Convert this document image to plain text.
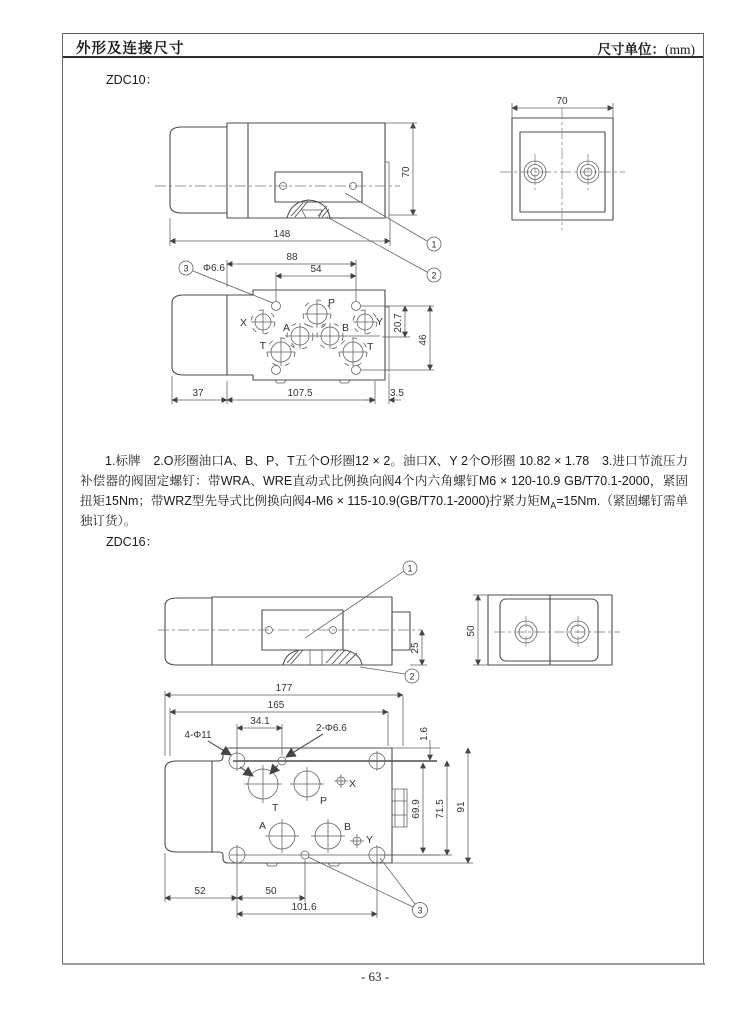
外形及连接尺寸	尺寸单位：(mm)
ZDC10：
ZDC16：
148
70
1
2
70
X
P
Y
A	B
T	T
3 Φ6.6
88
54
20.7
46
37	107.5	3.5

1.标牌　2.O形圈油口A、B、P、T五个O形圈12 × 2。油口X、Y 2个O形圈 10.82 × 1.78　3.进口节流压力补偿器的阀固定螺钉：带WRA、WRE直动式比例换向阀4个内六角螺钉M6 × 120-10.9 GB/T70.1-2000，紧固扭矩15Nm；带WRZ型先导式比例换向阀4-M6 × 115-10.9(GB/T70.1-2000)拧紧力矩$M_A=15Nm$.（紧固螺钉需单独订货）。

25
1
2
50
T
P
X
A	B
Y
177
165
34.1
2-Φ6.6
4-Φ11	1.6
69.9 71.5 91
52	50
101.6	3
- 63 -
